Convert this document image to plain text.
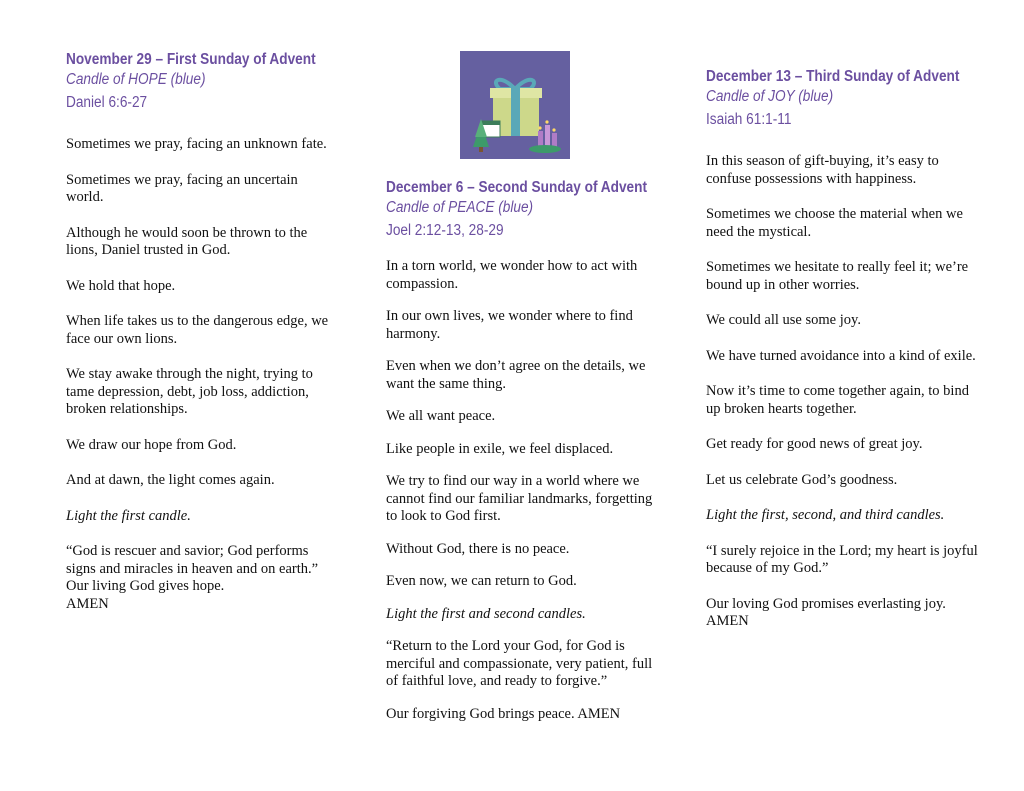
November 29 – First Sunday of Advent
Candle of HOPE (blue)
Daniel 6:6-27

Sometimes we pray, facing an unknown fate.

Sometimes we pray, facing an uncertain world.

Although he would soon be thrown to the lions, Daniel trusted in God.

We hold that hope.

When life takes us to the dangerous edge, we face our own lions.

We stay awake through the night, trying to tame depression, debt, job loss, addiction, broken relationships.

We draw our hope from God.

And at dawn, the light comes again.

Light the first candle.

“God is rescuer and savior; God performs signs and miracles in heaven and on earth.” Our living God gives hope.
AMEN

December 6 – Second Sunday of Advent
Candle of PEACE (blue)
Joel 2:12-13, 28-29

In a torn world, we wonder how to act with compassion.

In our own lives, we wonder where to find harmony.

Even when we don’t agree on the details, we want the same thing.

We all want peace.

Like people in exile, we feel displaced.

We try to find our way in a world where we cannot find our familiar landmarks, forgetting to look to God first.

Without God, there is no peace.

Even now, we can return to God.

Light the first and second candles.

“Return to the Lord your God, for God is merciful and compassionate, very patient, full of faithful love, and ready to forgive.”

Our forgiving God brings peace. AMEN

December 13 – Third Sunday of Advent
Candle of JOY (blue)
Isaiah 61:1-11

In this season of gift-buying, it’s easy to confuse possessions with happiness.

Sometimes we choose the material when we need the mystical.

Sometimes we hesitate to really feel it; we’re bound up in other worries.

We could all use some joy.

We have turned avoidance into a kind of exile.

Now it’s time to come together again, to bind up broken hearts together.

Get ready for good news of great joy.

Let us celebrate God’s goodness.

Light the first, second, and third candles.

“I surely rejoice in the Lord; my heart is joyful because of my God.”

Our loving God promises everlasting joy.
AMEN
